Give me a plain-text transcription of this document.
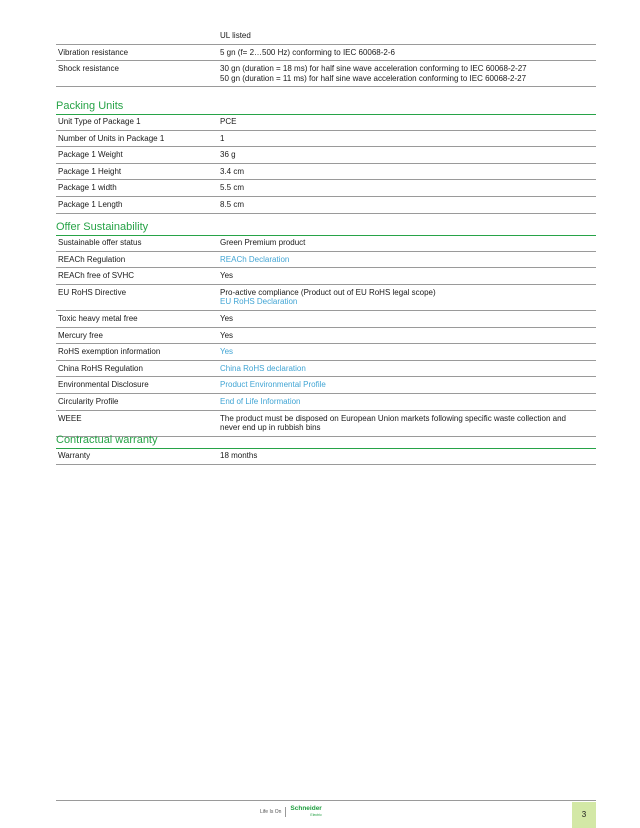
UL listed
Vibration resistance	5 gn (f= 2…500 Hz) conforming to IEC 60068-2-6
Shock resistance	30 gn (duration = 18 ms) for half sine wave acceleration conforming to IEC 60068-2-27
50 gn (duration = 11 ms) for half sine wave acceleration conforming to IEC 60068-2-27
Packing Units
Unit Type of Package 1	PCE
Number of Units in Package 1	1
Package 1 Weight	36 g
Package 1 Height	3.4 cm
Package 1 width	5.5 cm
Package 1 Length	8.5 cm
Offer Sustainability
Sustainable offer status	Green Premium product
REACh Regulation	REACh Declaration
REACh free of SVHC	Yes
EU RoHS Directive	Pro-active compliance (Product out of EU RoHS legal scope)
EU RoHS Declaration
Toxic heavy metal free	Yes
Mercury free	Yes
RoHS exemption information	Yes
China RoHS Regulation	China RoHS declaration
Environmental Disclosure	Product Environmental Profile
Circularity Profile	End of Life Information
WEEE	The product must be disposed on European Union markets following specific waste collection and
never end up in rubbish bins
Contractual warranty
Warranty	18 months
Life Is On Schneider
Electric	3
